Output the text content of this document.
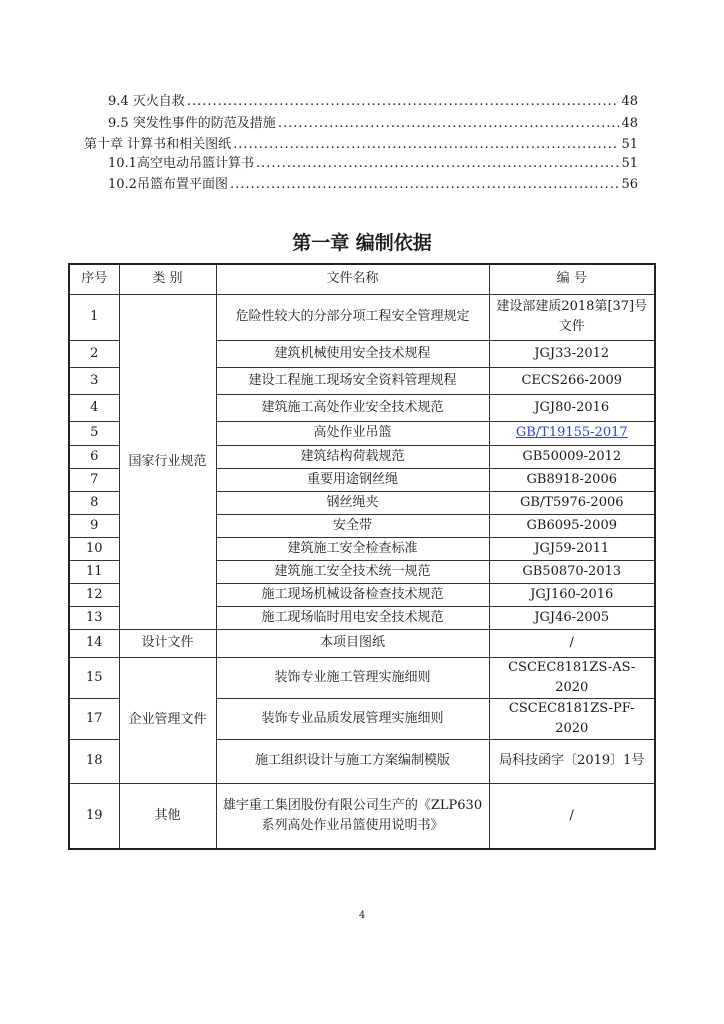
9.4 灭火自救 .....	48
9.5 突发性事件的防范及措施 .....	48
第十章 计算书和相关图纸 .....	51
10.1高空电动吊篮计算书 .....	51
10.2吊篮布置平面图 .....	56
第一章 编制依据
序号	类 别	文件名称	编 号
1	国家行业规范	危险性较大的分部分项工程安全管理规定	建设部建质2018第[37]号文件
2		建筑机械使用安全技术规程	JGJ33-2012
3		建设工程施工现场安全资料管理规程	CECS266-2009
4		建筑施工高处作业安全技术规范	JGJ80-2016
5		高处作业吊篮	GB/T19155-2017
6		建筑结构荷载规范	GB50009-2012
7		重要用途钢丝绳	GB8918-2006
8		钢丝绳夹	GB/T5976-2006
9		安全带	GB6095-2009
10		建筑施工安全检查标准	JGJ59-2011
11		建筑施工安全技术统一规范	GB50870-2013
12		施工现场机械设备检查技术规范	JGJ160-2016
13		施工现场临时用电安全技术规范	JGJ46-2005
14	设计文件	本项目图纸	/
15	企业管理文件	装饰专业施工管理实施细则	CSCEC8181ZS-AS-2020
17		装饰专业品质发展管理实施细则	CSCEC8181ZS-PF-2020
18		施工组织设计与施工方案编制模版	局科技函字〔2019〕1号
19	其他	雄宇重工集团股份有限公司生产的《ZLP630系列高处作业吊篮使用说明书》	/
4
